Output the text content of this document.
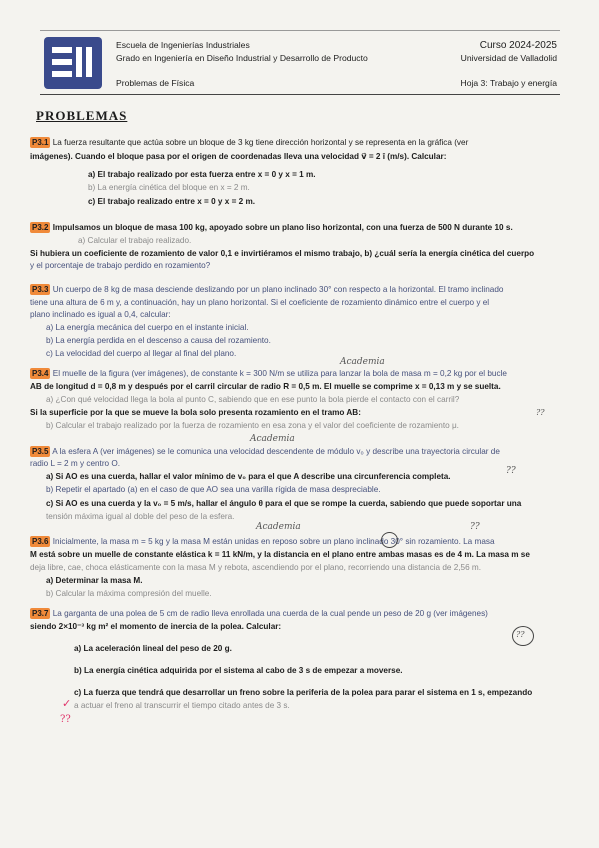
Escuela de Ingenierías Industriales
Grado en Ingeniería en Diseño Industrial y Desarrollo de Producto
Problemas de Física
Curso 2024-2025
Universidad de Valladolid
Hoja 3: Trabajo y energía
PROBLEMAS
P3.1 La fuerza resultante que actúa sobre un bloque de 3 kg tiene dirección horizontal y se representa en la gráfica (ver
imágenes). Cuando el bloque pasa por el origen de coordenadas lleva una velocidad v⃗ = 2 î (m/s). Calcular:
a) El trabajo realizado por esta fuerza entre x = 0 y x = 1 m.
b) La energía cinética del bloque en x = 2 m.
c) El trabajo realizado entre x = 0 y x = 2 m.
P3.2 Impulsamos un bloque de masa 100 kg, apoyado sobre un plano liso horizontal, con una fuerza de 500 N durante 10 s.
a) Calcular el trabajo realizado.
Si hubiera un coeficiente de rozamiento de valor 0,1 e invirtiéramos el mismo trabajo, b) ¿cuál sería la energía cinética del cuerpo
y el porcentaje de trabajo perdido en rozamiento?
P3.3 Un cuerpo de 8 kg de masa desciende deslizando por un plano inclinado 30° con respecto a la horizontal. El tramo inclinado
tiene una altura de 6 m y, a continuación, hay un plano horizontal. Si el coeficiente de rozamiento dinámico entre el cuerpo y el
plano inclinado es igual a 0,4, calcular:
a) La energía mecánica del cuerpo en el instante inicial.
b) La energía perdida en el descenso a causa del rozamiento.
c) La velocidad del cuerpo al llegar al final del plano.
Academia
P3.4 El muelle de la figura (ver imágenes), de constante k = 300 N/m se utiliza para lanzar la bola de masa m = 0,2 kg por el bucle
AB de longitud d = 0,8 m y después por el carril circular de radio R = 0,5 m. El muelle se comprime x = 0,13 m y se suelta.
a) ¿Con qué velocidad llega la bola al punto C, sabiendo que en ese punto la bola pierde el contacto con el carril?
Si la superficie por la que se mueve la bola solo presenta rozamiento en el tramo AB:	??
b) Calcular el trabajo realizado por la fuerza de rozamiento en esa zona y el valor del coeficiente de rozamiento μ.
Academia
P3.5 A la esfera A (ver imágenes) se le comunica una velocidad descendente de módulo v₀ y describe una trayectoria circular de
radio L = 2 m y centro O.
??
a) Si AO es una cuerda, hallar el valor mínimo de v₀ para el que A describe una circunferencia completa.
b) Repetir el apartado (a) en el caso de que AO sea una varilla rígida de masa despreciable.
c) Si AO es una cuerda y la v₀ = 5 m/s, hallar el ángulo θ para el que se rompe la cuerda, sabiendo que puede soportar una
tensión máxima igual al doble del peso de la esfera.
Academia	??
P3.6 Inicialmente, la masa m = 5 kg y la masa M están unidas en reposo sobre un plano inclinado 30° sin rozamiento. La masa
M está sobre un muelle de constante elástica k = 11 kN/m, y la distancia en el plano entre ambas masas es de 4 m. La masa m se
deja libre, cae, choca elásticamente con la masa M y rebota, ascendiendo por el plano, recorriendo una distancia de 2,56 m.
a) Determinar la masa M.
b) Calcular la máxima compresión del muelle.
P3.7 La garganta de una polea de 5 cm de radio lleva enrollada una cuerda de la cual pende un peso de 20 g (ver imágenes)
siendo 2×10⁻³ kg m² el momento de inercia de la polea. Calcular:
??
a) La aceleración lineal del peso de 20 g.
b) La energía cinética adquirida por el sistema al cabo de 3 s de empezar a moverse.
c) La fuerza que tendrá que desarrollar un freno sobre la periferia de la polea para parar el sistema en 1 s, empezando
✓ a actuar el freno al transcurrir el tiempo citado antes de 3 s.
??
